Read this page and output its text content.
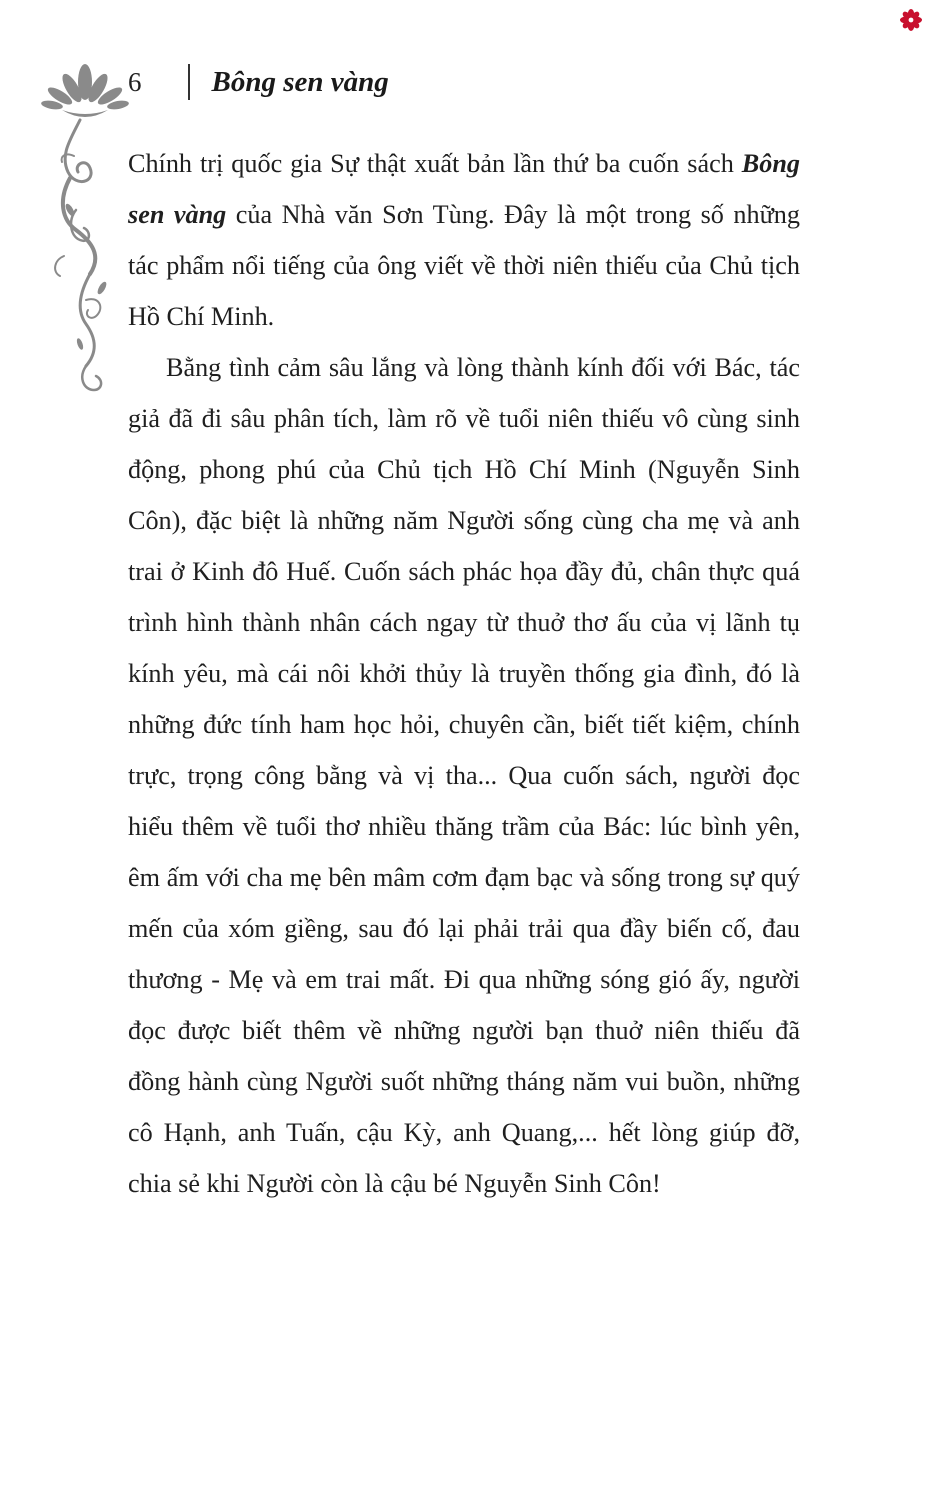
6	Bông sen vàng

Chính trị quốc gia Sự thật xuất bản lần thứ ba cuốn sách Bông sen vàng của Nhà văn Sơn Tùng. Đây là một trong số những tác phẩm nổi tiếng của ông viết về thời niên thiếu của Chủ tịch Hồ Chí Minh.

Bằng tình cảm sâu lắng và lòng thành kính đối với Bác, tác giả đã đi sâu phân tích, làm rõ về tuổi niên thiếu vô cùng sinh động, phong phú của Chủ tịch Hồ Chí Minh (Nguyễn Sinh Côn), đặc biệt là những năm Người sống cùng cha mẹ và anh trai ở Kinh đô Huế. Cuốn sách phác họa đầy đủ, chân thực quá trình hình thành nhân cách ngay từ thuở thơ ấu của vị lãnh tụ kính yêu, mà cái nôi khởi thủy là truyền thống gia đình, đó là những đức tính ham học hỏi, chuyên cần, biết tiết kiệm, chính trực, trọng công bằng và vị tha... Qua cuốn sách, người đọc hiểu thêm về tuổi thơ nhiều thăng trầm của Bác: lúc bình yên, êm ấm với cha mẹ bên mâm cơm đạm bạc và sống trong sự quý mến của xóm giềng, sau đó lại phải trải qua đầy biến cố, đau thương - Mẹ và em trai mất. Đi qua những sóng gió ấy, người đọc được biết thêm về những người bạn thuở niên thiếu đã đồng hành cùng Người suốt những tháng năm vui buồn, những cô Hạnh, anh Tuấn, cậu Kỳ, anh Quang,... hết lòng giúp đỡ, chia sẻ khi Người còn là cậu bé Nguyễn Sinh Côn!
